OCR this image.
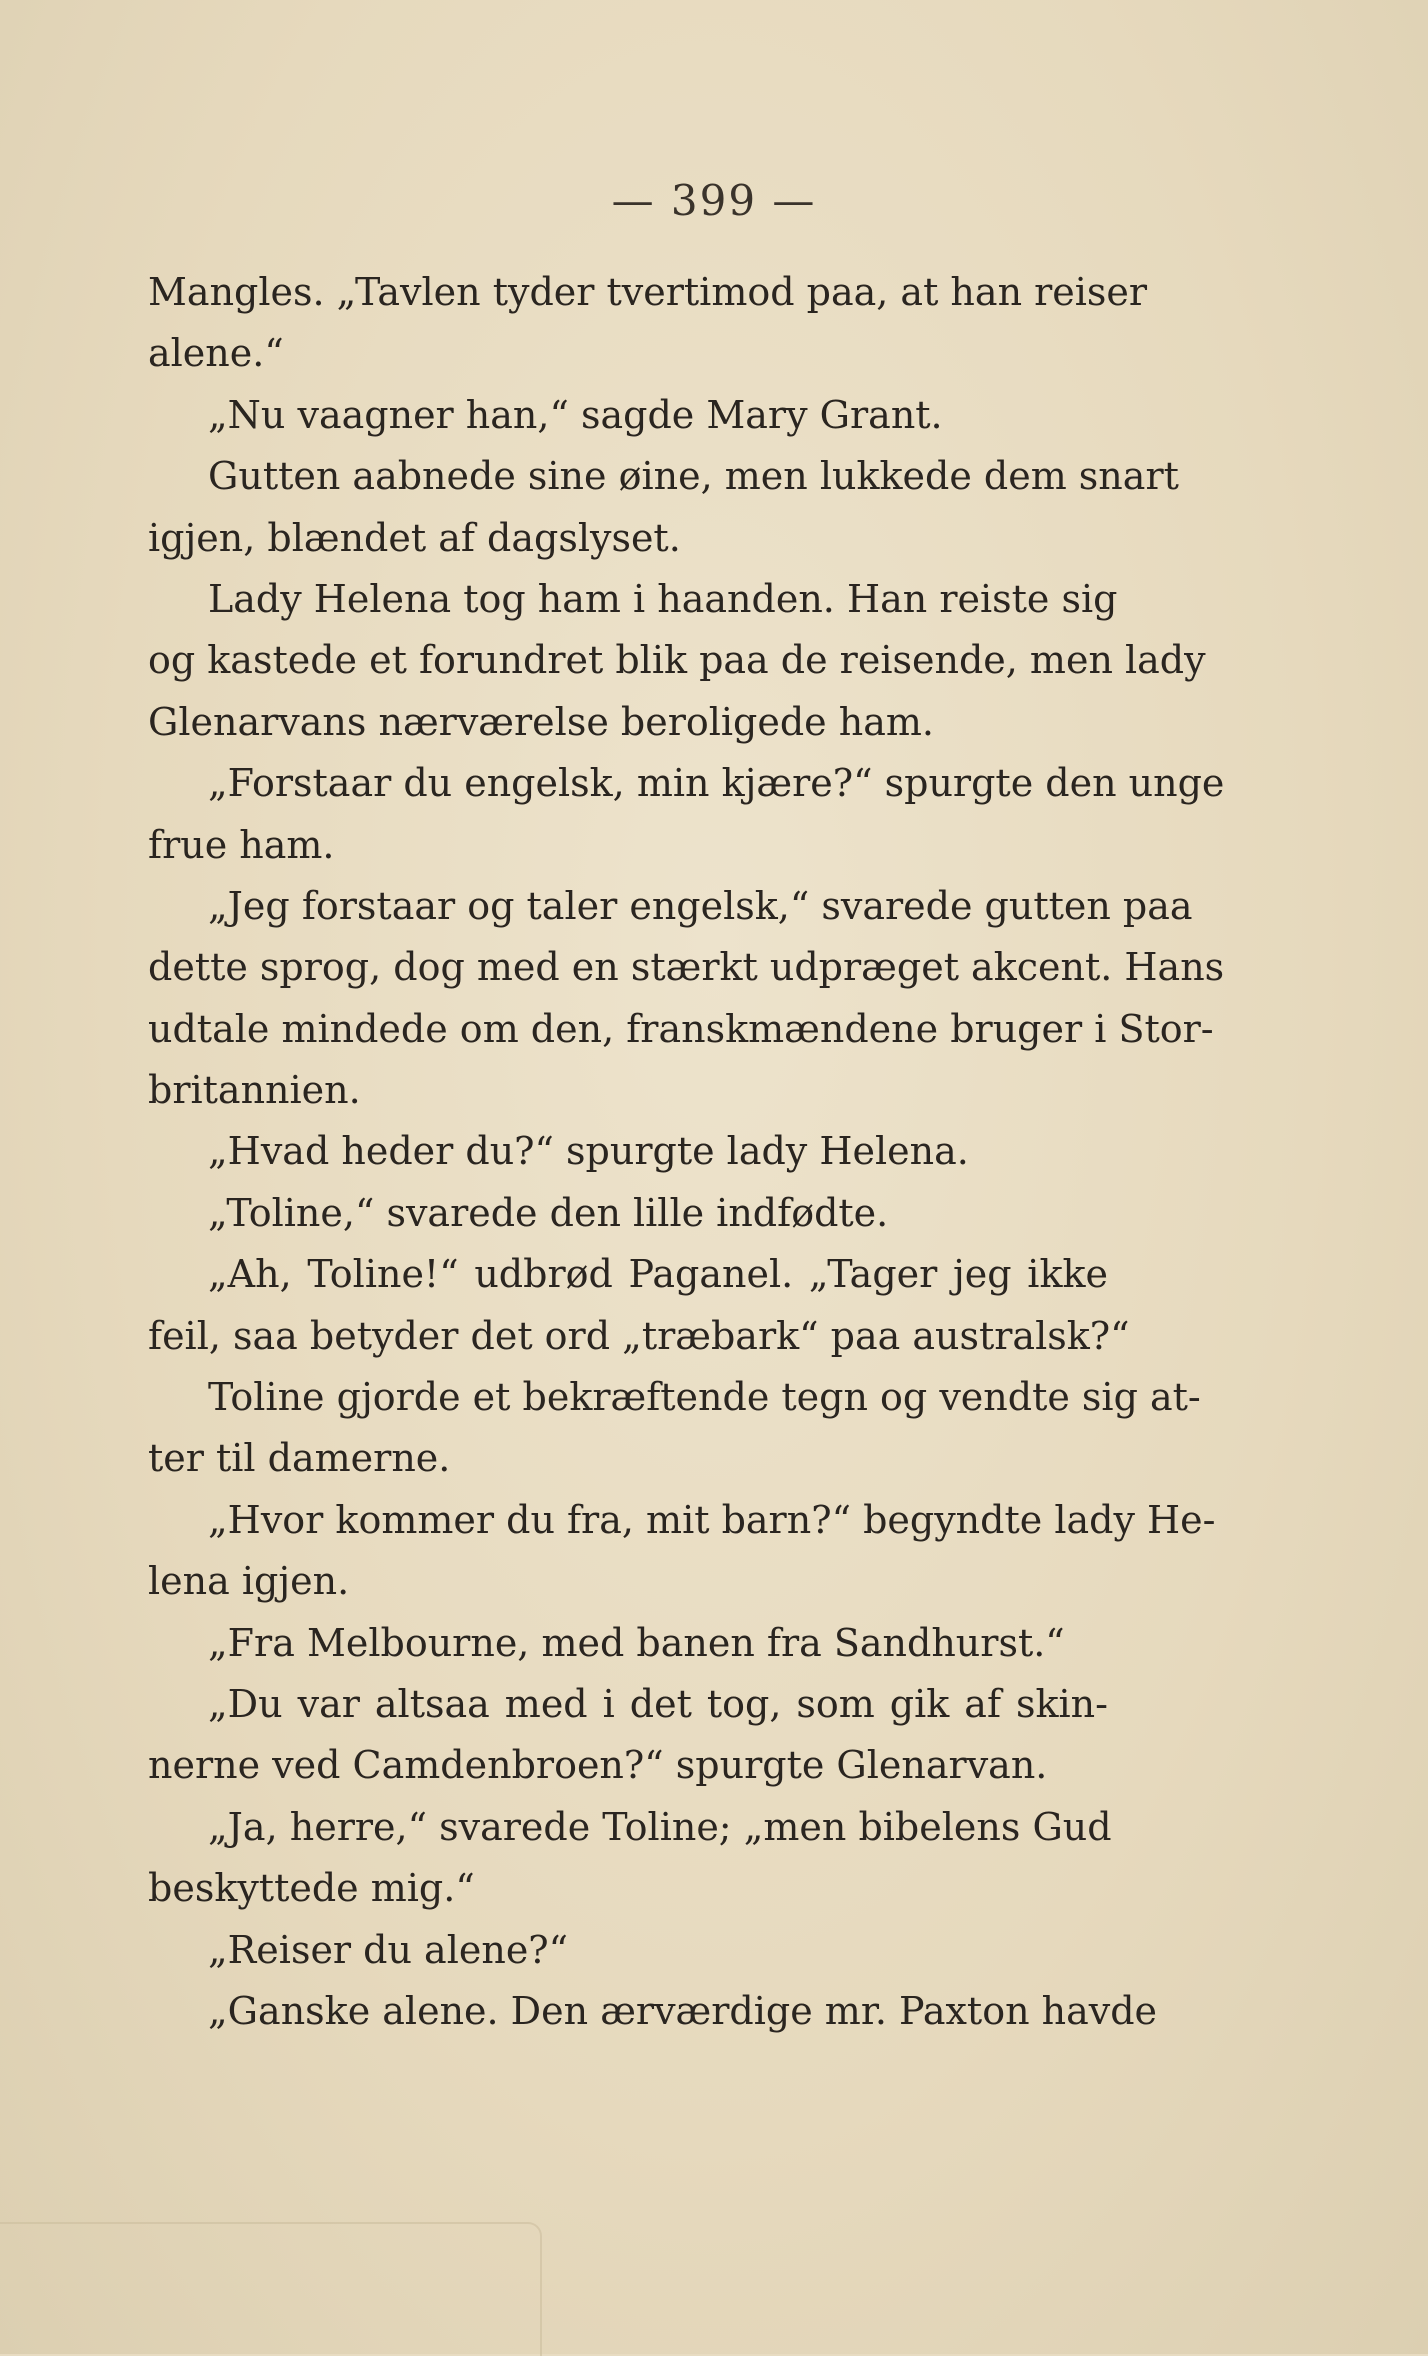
— 399 —
Mangles. „Tavlen tyder tvertimod paa, at han reiser
alene.“
„Nu vaagner han,“ sagde Mary Grant.
Gutten aabnede sine øine, men lukkede dem snart
igjen, blændet af dagslyset.
Lady Helena tog ham i haanden. Han reiste sig
og kastede et forundret blik paa de reisende, men lady
Glenarvans nærværelse beroligede ham.
„Forstaar du engelsk, min kjære?“ spurgte den unge
frue ham.
„Jeg forstaar og taler engelsk,“ svarede gutten paa
dette sprog, dog med en stærkt udpræget akcent. Hans
udtale mindede om den, franskmændene bruger i Stor-
britannien.
„Hvad heder du?“ spurgte lady Helena.
„Toline,“ svarede den lille indfødte.
„Ah, Toline!“ udbrød Paganel. „Tager jeg ikke
feil, saa betyder det ord „træbark“ paa australsk?“
Toline gjorde et bekræftende tegn og vendte sig at-
ter til damerne.
„Hvor kommer du fra, mit barn?“ begyndte lady He-
lena igjen.
„Fra Melbourne, med banen fra Sandhurst.“
„Du var altsaa med i det tog, som gik af skin-
nerne ved Camdenbroen?“ spurgte Glenarvan.
„Ja, herre,“ svarede Toline; „men bibelens Gud
beskyttede mig.“
„Reiser du alene?“
„Ganske alene. Den ærværdige mr. Paxton havde
